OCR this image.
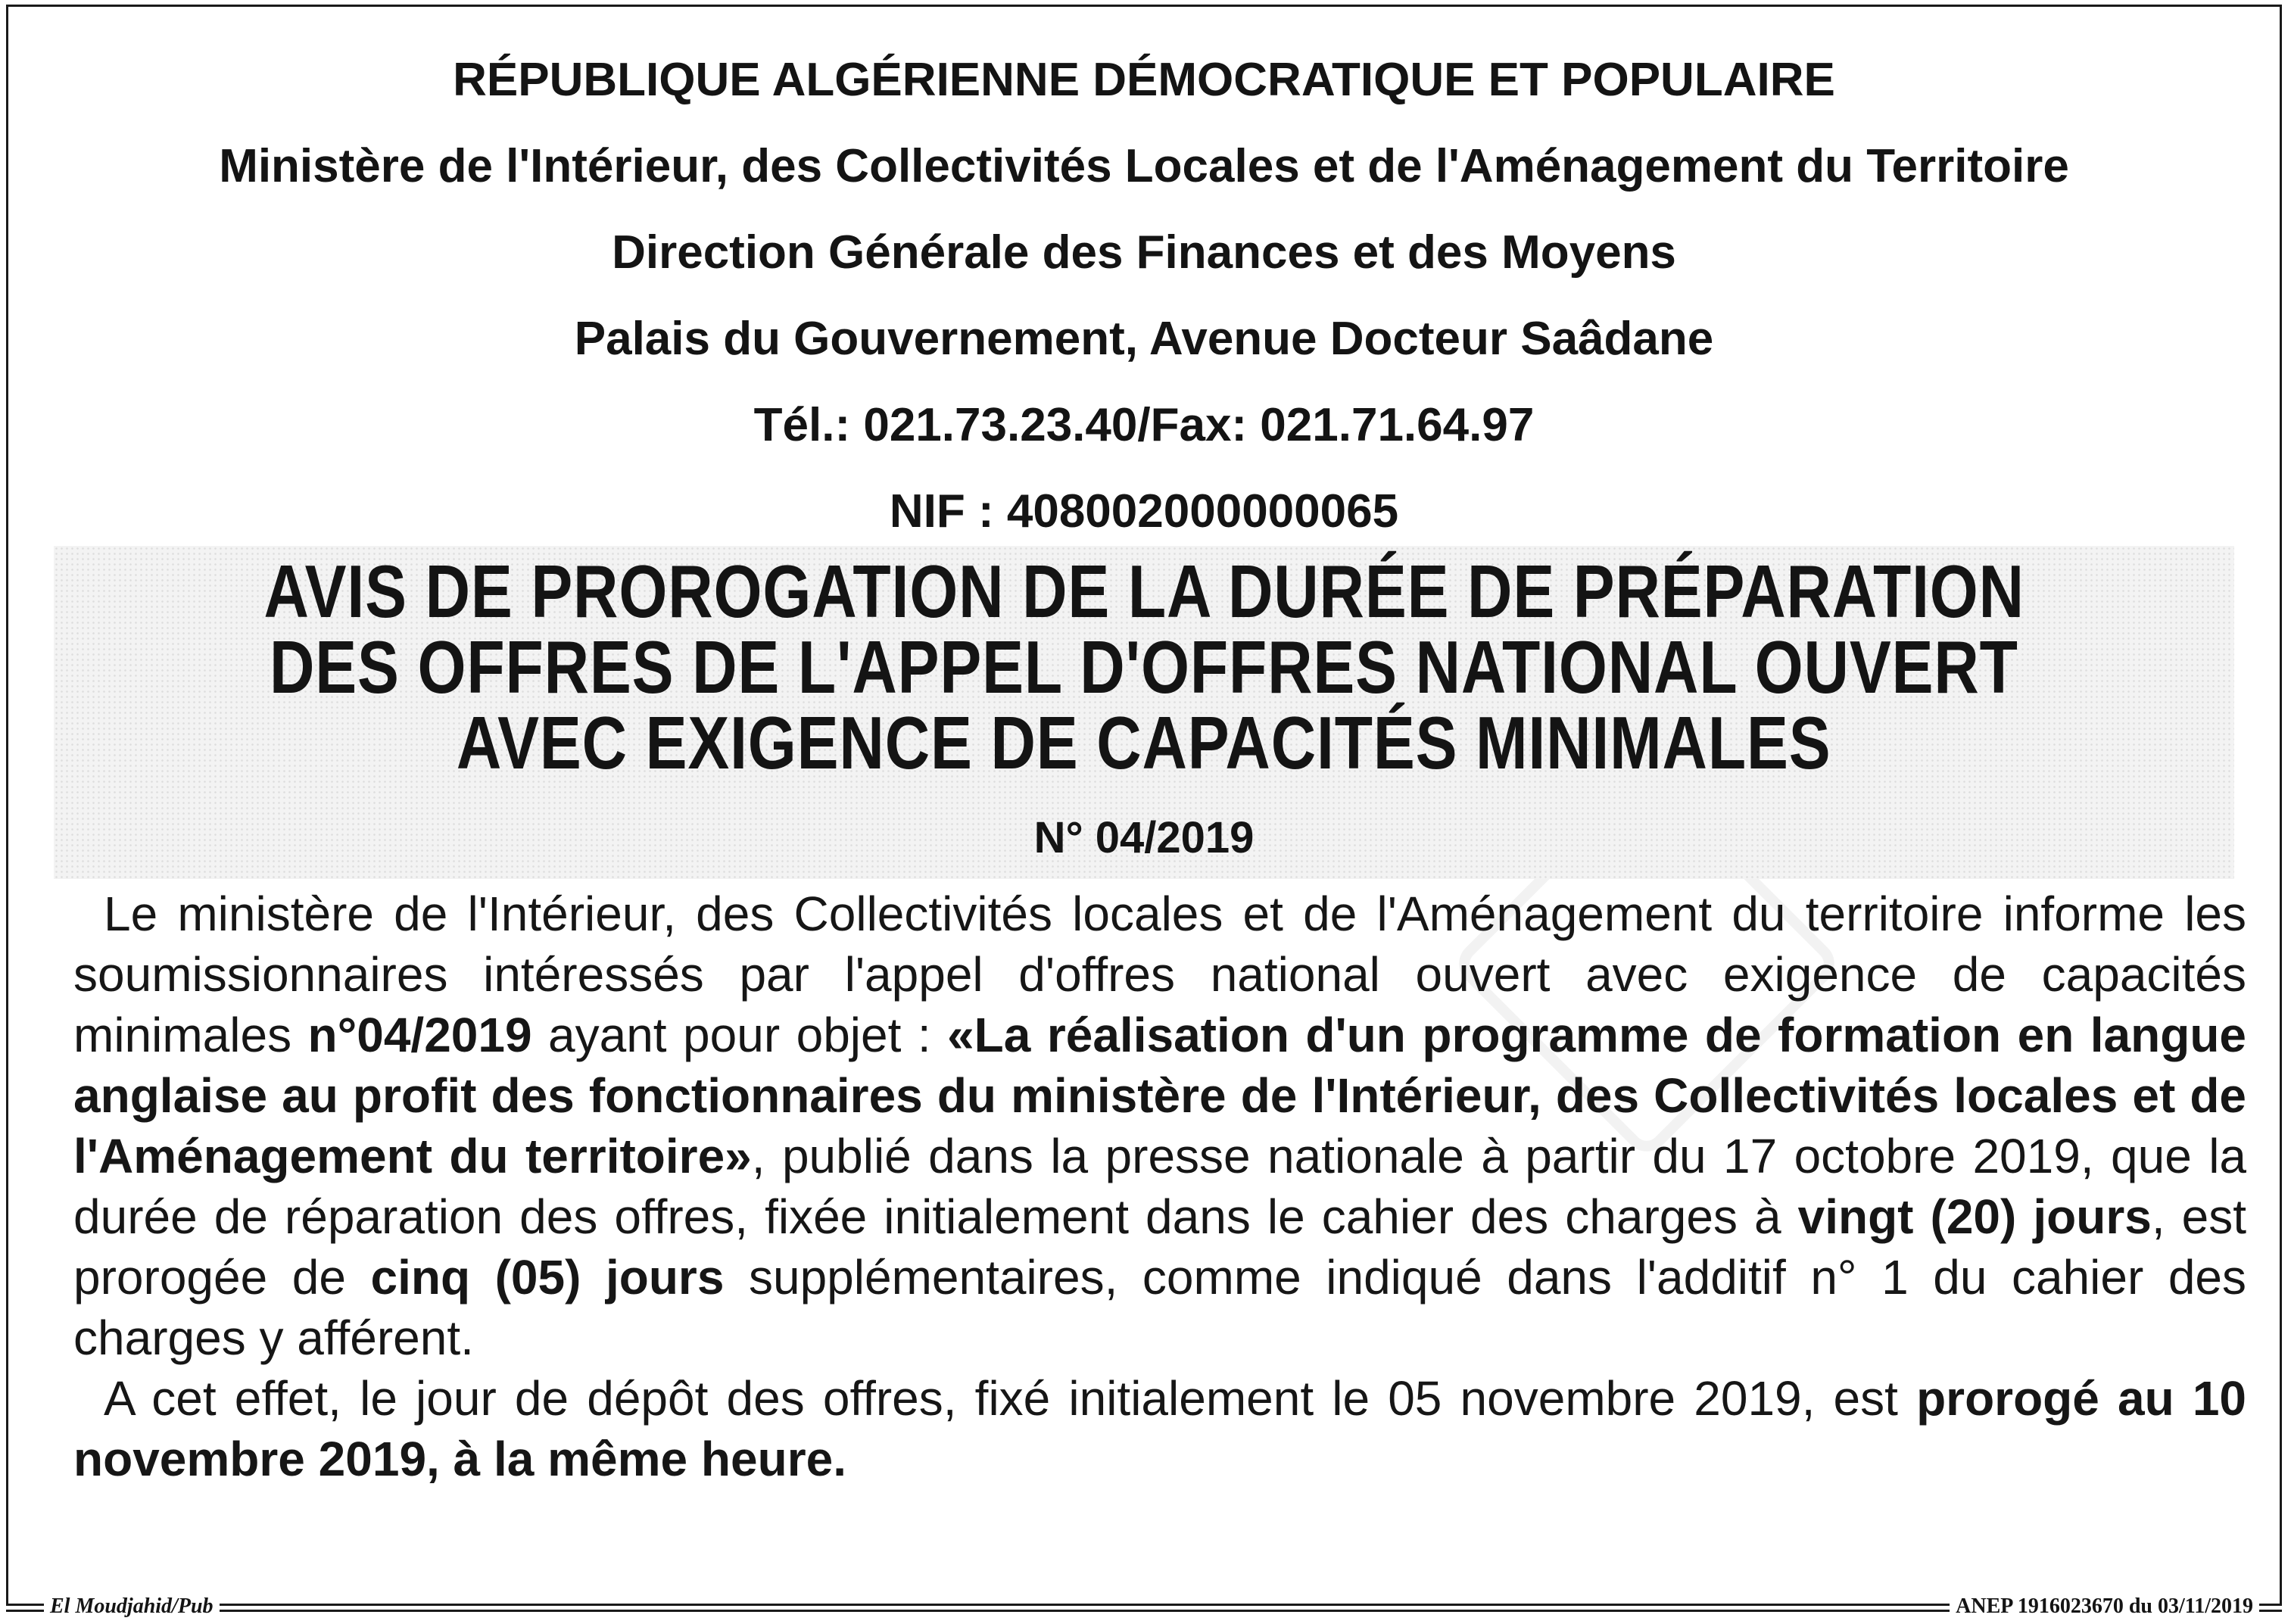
RÉPUBLIQUE ALGÉRIENNE DÉMOCRATIQUE ET POPULAIRE
Ministère de l'Intérieur, des Collectivités Locales et de l'Aménagement du Territoire
Direction Générale des Finances et des Moyens
Palais du Gouvernement, Avenue Docteur Saâdane
Tél.: 021.73.23.40/Fax: 021.71.64.97
NIF : 408002000000065
AVIS DE PROROGATION DE LA DURÉE DE PRÉPARATION
DES OFFRES DE L'APPEL D'OFFRES NATIONAL OUVERT
AVEC EXIGENCE DE CAPACITÉS MINIMALES
N° 04/2019

Le ministère de l'Intérieur, des Collectivités locales et de l'Aménagement du territoire informe les soumissionnaires intéressés par l'appel d'offres national ouvert avec exigence de capacités minimales n°04/2019 ayant pour objet : «La réalisation d'un programme de formation en langue anglaise au profit des fonctionnaires du ministère de l'Intérieur, des Collectivités locales et de l'Aménagement du territoire», publié dans la presse nationale à partir du 17 octobre 2019, que la durée de réparation des offres, fixée initialement dans le cahier des charges à vingt (20) jours, est prorogée de cinq (05) jours supplémentaires, comme indiqué dans l'additif n° 1 du cahier des charges y afférent.

A cet effet, le jour de dépôt des offres, fixé initialement le 05 novembre 2019, est prorogé au 10 novembre 2019, à la même heure.

El Moudjahid/Pub	ANEP 1916023670 du 03/11/2019
